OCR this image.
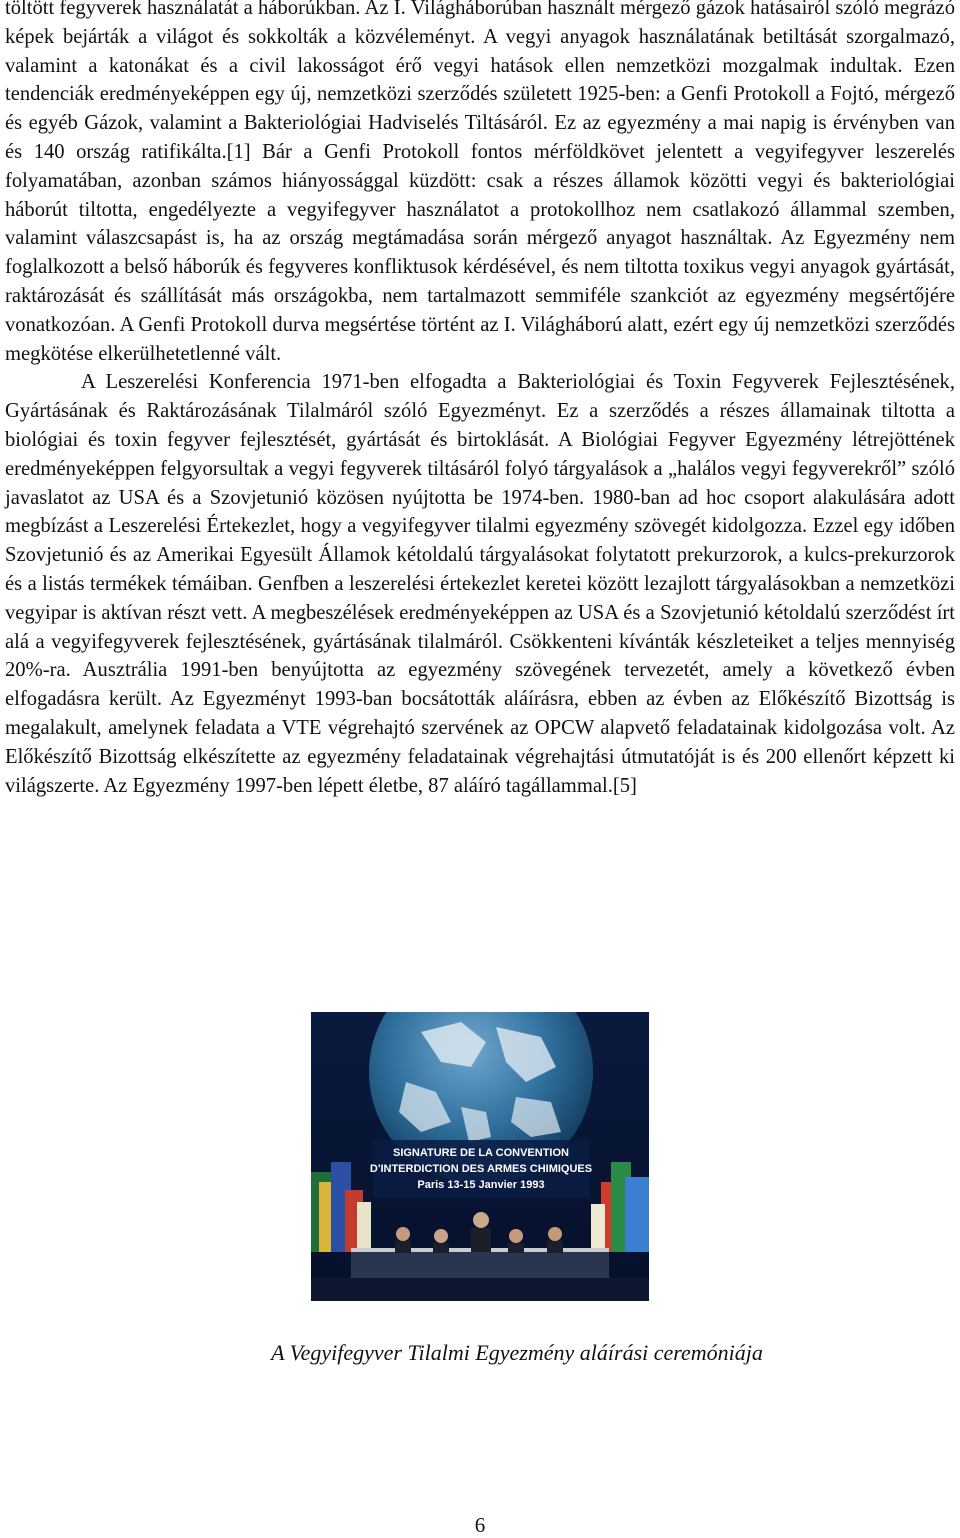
töltött fegyverek használatát a háborúkban. Az I. Világháborúban használt mérgező gázok hatásairól szóló megrázó képek bejárták a világot és sokkolták a közvéleményt. A vegyi anyagok használatának betiltását szorgalmazó, valamint a katonákat és a civil lakosságot érő vegyi hatások ellen nemzetközi mozgalmak indultak. Ezen tendenciák eredményeképpen egy új, nemzetközi szerződés született 1925-ben: a Genfi Protokoll a Fojtó, mérgező és egyéb Gázok, valamint a Bakteriológiai Hadviselés Tiltásáról. Ez az egyezmény a mai napig is érvényben van és 140 ország ratifikálta.[1] Bár a Genfi Protokoll fontos mérföldkövet jelentett a vegyifegyver leszerelés folyamatában, azonban számos hiányossággal küzdött: csak a részes államok közötti vegyi és bakteriológiai háborút tiltotta, engedélyezte a vegyifegyver használatot a protokollhoz nem csatlakozó állammal szemben, valamint válaszcsapást is, ha az ország megtámadása során mérgező anyagot használtak. Az Egyezmény nem foglalkozott a belső háborúk és fegyveres konfliktusok kérdésével, és nem tiltotta toxikus vegyi anyagok gyártását, raktározását és szállítását más országokba, nem tartalmazott semmiféle szankciót az egyezmény megsértőjére vonatkozóan. A Genfi Protokoll durva megsértése történt az I. Világháború alatt, ezért egy új nemzetközi szerződés megkötése elkerülhetetlenné vált.

A Leszerelési Konferencia 1971-ben elfogadta a Bakteriológiai és Toxin Fegyverek Fejlesztésének, Gyártásának és Raktározásának Tilalmáról szóló Egyezményt. Ez a szerződés a részes államainak tiltotta a biológiai és toxin fegyver fejlesztését, gyártását és birtoklását. A Biológiai Fegyver Egyezmény létrejöttének eredményeképpen felgyorsultak a vegyi fegyverek tiltásáról folyó tárgyalások a „halálos vegyi fegyverekről” szóló javaslatot az USA és a Szovjetunió közösen nyújtotta be 1974-ben. 1980-ban ad hoc csoport alakulására adott megbízást a Leszerelési Értekezlet, hogy a vegyifegyver tilalmi egyezmény szövegét kidolgozza. Ezzel egy időben Szovjetunió és az Amerikai Egyesült Államok kétoldalú tárgyalásokat folytatott prekurzorok, a kulcs-prekurzorok és a listás termékek témáiban. Genfben a leszerelési értekezlet keretei között lezajlott tárgyalásokban a nemzetközi vegyipar is aktívan részt vett. A megbeszélések eredményeképpen az USA és a Szovjetunió kétoldalú szerződést írt alá a vegyifegyverek fejlesztésének, gyártásának tilalmáról. Csökkenteni kívánták készleteiket a teljes mennyiség 20%-ra. Ausztrália 1991-ben benyújtotta az egyezmény szövegének tervezetét, amely a következő évben elfogadásra került. Az Egyezményt 1993-ban bocsátották aláírásra, ebben az évben az Előkészítő Bizottság is megalakult, amelynek feladata a VTE végrehajtó szervének az OPCW alapvető feladatainak kidolgozása volt. Az Előkészítő Bizottság elkészítette az egyezmény feladatainak végrehajtási útmutatóját is és 200 ellenőrt képzett ki világszerte. Az Egyezmény 1997-ben lépett életbe, 87 aláíró tagállammal.[5]

SIGNATURE DE LA CONVENTION
D'INTERDICTION DES ARMES CHIMIQUES
Paris 13-15 Janvier 1993
A Vegyifegyver Tilalmi Egyezmény aláírási ceremóniája
6
